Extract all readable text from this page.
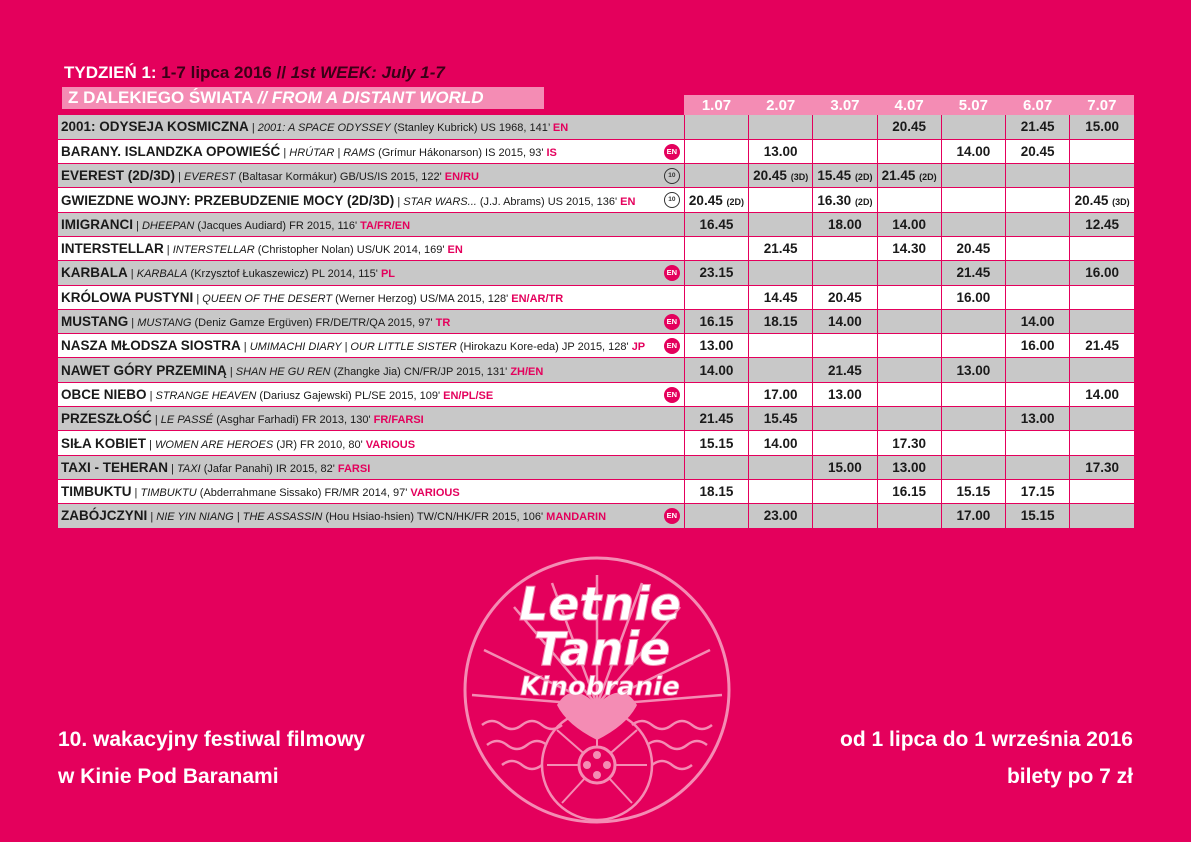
TYDZIEŃ 1: 1-7 lipca 2016 // 1st WEEK: July 1-7
Z DALEKIEGO ŚWIATA // FROM A DISTANT WORLD
		1.07	2.07	3.07	4.07	5.07	6.07	7.07
2001: ODYSEJA KOSMICZNA | 2001: A SPACE ODYSSEY (Stanley Kubrick) US 1968, 141’ EN				20.45		21.45	15.00
BARANY. ISLANDZKA OPOWIEŚĆ | HRÚTAR | RAMS (Grímur Hákonarson) IS 2015, 93' IS EN		13.00			14.00	20.45	
EVEREST (2D/3D) | EVEREST (Baltasar Kormákur) GB/US/IS 2015, 122' EN/RU 10		20.45 (3D)	15.45 (2D)	21.45 (2D)			
GWIEZDNE WOJNY: PRZEBUDZENIE MOCY (2D/3D) | STAR WARS... (J.J. Abrams) US 2015, 136' EN 10	20.45 (2D)		16.30 (2D)				20.45 (3D)
IMIGRANCI | DHEEPAN (Jacques Audiard) FR 2015, 116' TA/FR/EN	16.45		18.00	14.00			12.45
INTERSTELLAR | INTERSTELLAR (Christopher Nolan) US/UK 2014, 169' EN		21.45		14.30	20.45		
KARBALA | KARBALA (Krzysztof Łukaszewicz) PL 2014, 115' PL EN	23.15				21.45		16.00
KRÓLOWA PUSTYNI | QUEEN OF THE DESERT (Werner Herzog) US/MA 2015, 128' EN/AR/TR		14.45	20.45		16.00		
MUSTANG | MUSTANG (Deniz Gamze Ergüven) FR/DE/TR/QA 2015, 97' TR EN	16.15	18.15	14.00			14.00	
NASZA MŁODSZA SIOSTRA | UMIMACHI DIARY | OUR LITTLE SISTER (Hirokazu Kore-eda) JP 2015, 128' JP EN	13.00					16.00	21.45
NAWET GÓRY PRZEMINĄ | SHAN HE GU REN (Zhangke Jia) CN/FR/JP 2015, 131' ZH/EN	14.00		21.45		13.00		
OBCE NIEBO | STRANGE HEAVEN (Dariusz Gajewski) PL/SE 2015, 109' EN/PL/SE EN		17.00	13.00				14.00
PRZESZŁOŚĆ | LE PASSÉ (Asghar Farhadi) FR 2013, 130' FR/FARSI	21.45	15.45				13.00	
SIŁA KOBIET | WOMEN ARE HEROES (JR) FR 2010, 80' VARIOUS	15.15	14.00		17.30			
TAXI - TEHERAN | TAXI (Jafar Panahi) IR 2015, 82' FARSI			15.00	13.00			17.30
TIMBUKTU | TIMBUKTU (Abderrahmane Sissako) FR/MR 2014, 97' VARIOUS	18.15			16.15	15.15	17.15	
ZABÓJCZYNI | NIE YIN NIANG | THE ASSASSIN (Hou Hsiao-hsien) TW/CN/HK/FR 2015, 106' MANDARIN EN		23.00			17.00	15.15	
10. wakacyjny festiwal filmowy
w Kinie Pod Baranami
od 1 lipca do 1 września 2016
bilety po 7 zł
Letnie
Tanie
Kinobranie
